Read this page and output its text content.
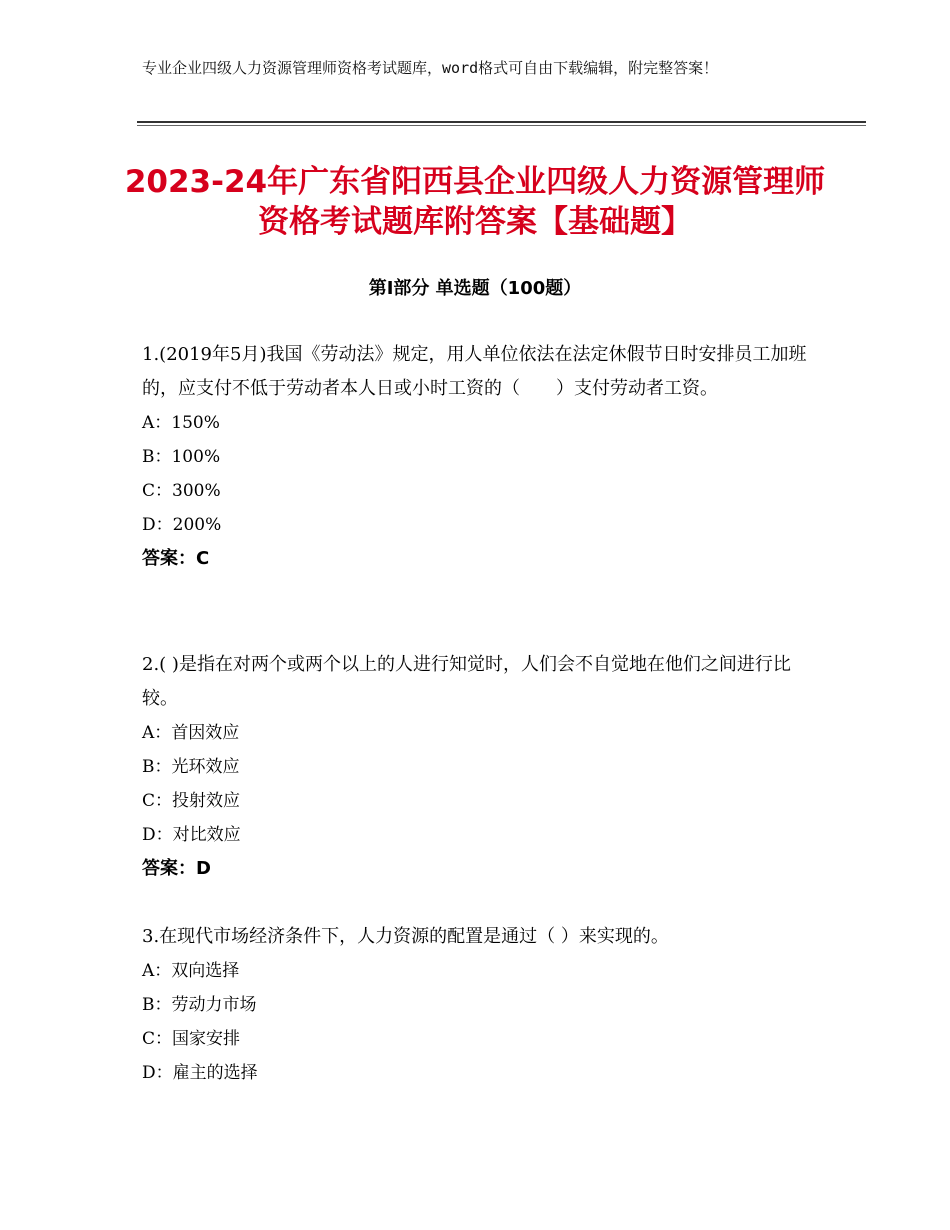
专业企业四级人力资源管理师资格考试题库，word格式可自由下载编辑，附完整答案！
2023-24年广东省阳西县企业四级人力资源管理师资格考试题库附答案【基础题】
第Ⅰ部分 单选题（100题）

1.(2019年5月)我国《劳动法》规定，用人单位依法在法定休假节日时安排员工加班的，应支付不低于劳动者本人日或小时工资的（　　）支付劳动者工资。

A：150%

B：100%

C：300%

D：200%

答案：C

2.( )是指在对两个或两个以上的人进行知觉时，人们会不自觉地在他们之间进行比较。

A：首因效应

B：光环效应

C：投射效应

D：对比效应

答案：D

3.在现代市场经济条件下，人力资源的配置是通过（ ）来实现的。

A：双向选择

B：劳动力市场

C：国家安排

D：雇主的选择
